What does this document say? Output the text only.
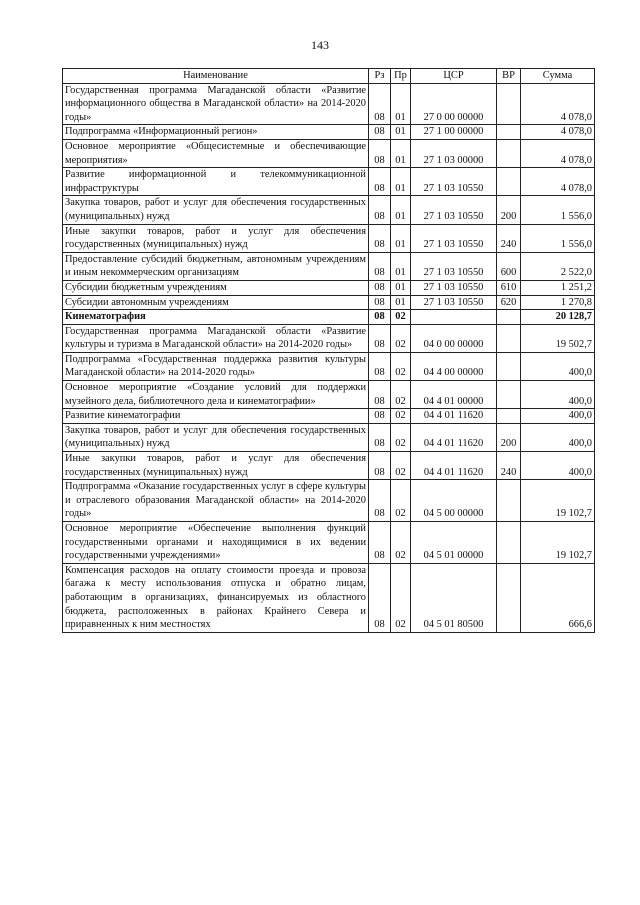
143
Наименование	Рз	Пр	ЦСР	ВР	Сумма
Государственная программа Магаданской области «Развитие информационного общества в Магаданской области» на 2014-2020 годы»	08	01	27 0 00 00000		4 078,0
Подпрограмма «Информационный регион»	08	01	27 1 00 00000		4 078,0
Основное мероприятие «Общесистемные и обеспечивающие мероприятия»	08	01	27 1 03 00000		4 078,0
Развитие информационной и телекоммуникационной инфраструктуры	08	01	27 1 03 10550		4 078,0
Закупка товаров, работ и услуг для обеспечения государственных (муниципальных) нужд	08	01	27 1 03 10550	200	1 556,0
Иные закупки товаров, работ и услуг для обеспечения государственных (муниципальных) нужд	08	01	27 1 03 10550	240	1 556,0
Предоставление субсидий бюджетным, автономным учреждениям и иным некоммерческим организациям	08	01	27 1 03 10550	600	2 522,0
Субсидии бюджетным учреждениям	08	01	27 1 03 10550	610	1 251,2
Субсидии автономным учреждениям	08	01	27 1 03 10550	620	1 270,8
Кинематография	08	02			20 128,7
Государственная программа Магаданской области «Развитие культуры и туризма в Магаданской области» на 2014-2020 годы»	08	02	04 0 00 00000		19 502,7
Подпрограмма «Государственная поддержка развития культуры Магаданской области» на 2014-2020 годы»	08	02	04 4 00 00000		400,0
Основное мероприятие «Создание условий для поддержки музейного дела, библиотечного дела и кинематографии»	08	02	04 4 01 00000		400,0
Развитие кинематографии	08	02	04 4 01 11620		400,0
Закупка товаров, работ и услуг для обеспечения государственных (муниципальных) нужд	08	02	04 4 01 11620	200	400,0
Иные закупки товаров, работ и услуг для обеспечения государственных (муниципальных) нужд	08	02	04 4 01 11620	240	400,0
Подпрограмма «Оказание государственных услуг в сфере культуры и отраслевого образования Магаданской области» на 2014-2020 годы»	08	02	04 5 00 00000		19 102,7
Основное мероприятие «Обеспечение выполнения функций государственными органами и находящимися в их ведении государственными учреждениями»	08	02	04 5 01 00000		19 102,7
Компенсация расходов на оплату стоимости проезда и провоза багажа к месту использования отпуска и обратно лицам, работающим в организациях, финансируемых из областного бюджета, расположенных в районах Крайнего Севера и приравненных к ним местностях	08	02	04 5 01 80500		666,6
